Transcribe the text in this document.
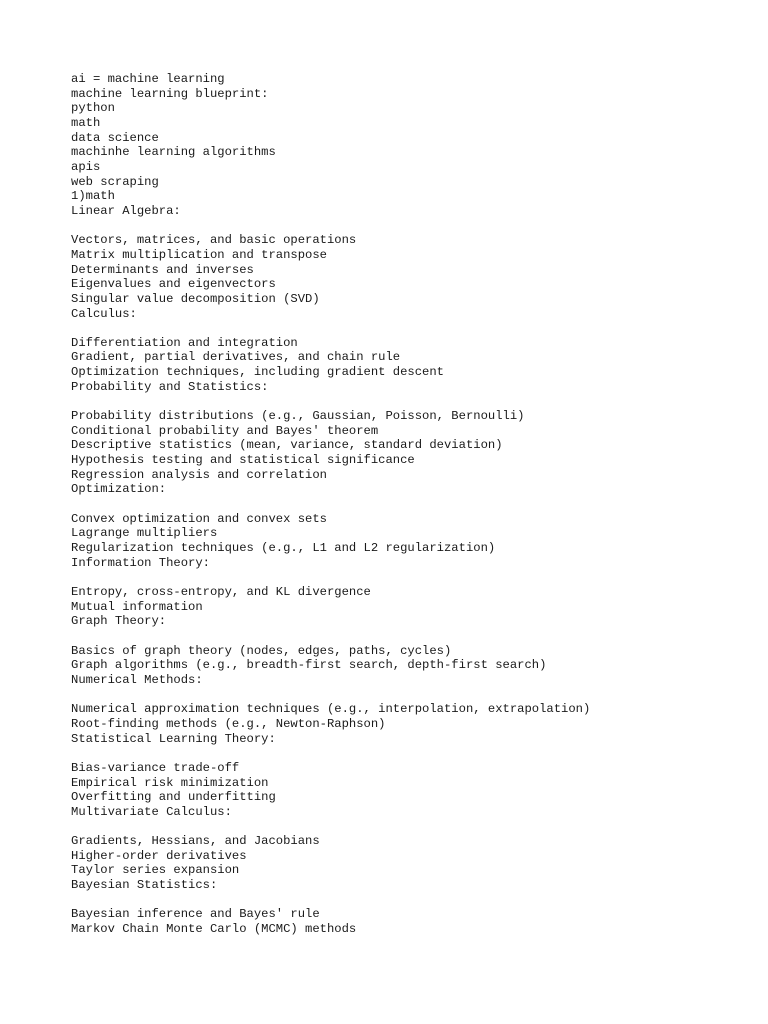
ai = machine learning
machine learning blueprint:
python
math
data science
machinhe learning algorithms
apis
web scraping
1)math
Linear Algebra:
Vectors, matrices, and basic operations
Matrix multiplication and transpose
Determinants and inverses
Eigenvalues and eigenvectors
Singular value decomposition (SVD)
Calculus:
Differentiation and integration
Gradient, partial derivatives, and chain rule
Optimization techniques, including gradient descent
Probability and Statistics:
Probability distributions (e.g., Gaussian, Poisson, Bernoulli)
Conditional probability and Bayes' theorem
Descriptive statistics (mean, variance, standard deviation)
Hypothesis testing and statistical significance
Regression analysis and correlation
Optimization:
Convex optimization and convex sets
Lagrange multipliers
Regularization techniques (e.g., L1 and L2 regularization)
Information Theory:
Entropy, cross-entropy, and KL divergence
Mutual information
Graph Theory:
Basics of graph theory (nodes, edges, paths, cycles)
Graph algorithms (e.g., breadth-first search, depth-first search)
Numerical Methods:
Numerical approximation techniques (e.g., interpolation, extrapolation)
Root-finding methods (e.g., Newton-Raphson)
Statistical Learning Theory:
Bias-variance trade-off
Empirical risk minimization
Overfitting and underfitting
Multivariate Calculus:
Gradients, Hessians, and Jacobians
Higher-order derivatives
Taylor series expansion
Bayesian Statistics:
Bayesian inference and Bayes' rule
Markov Chain Monte Carlo (MCMC) methods
